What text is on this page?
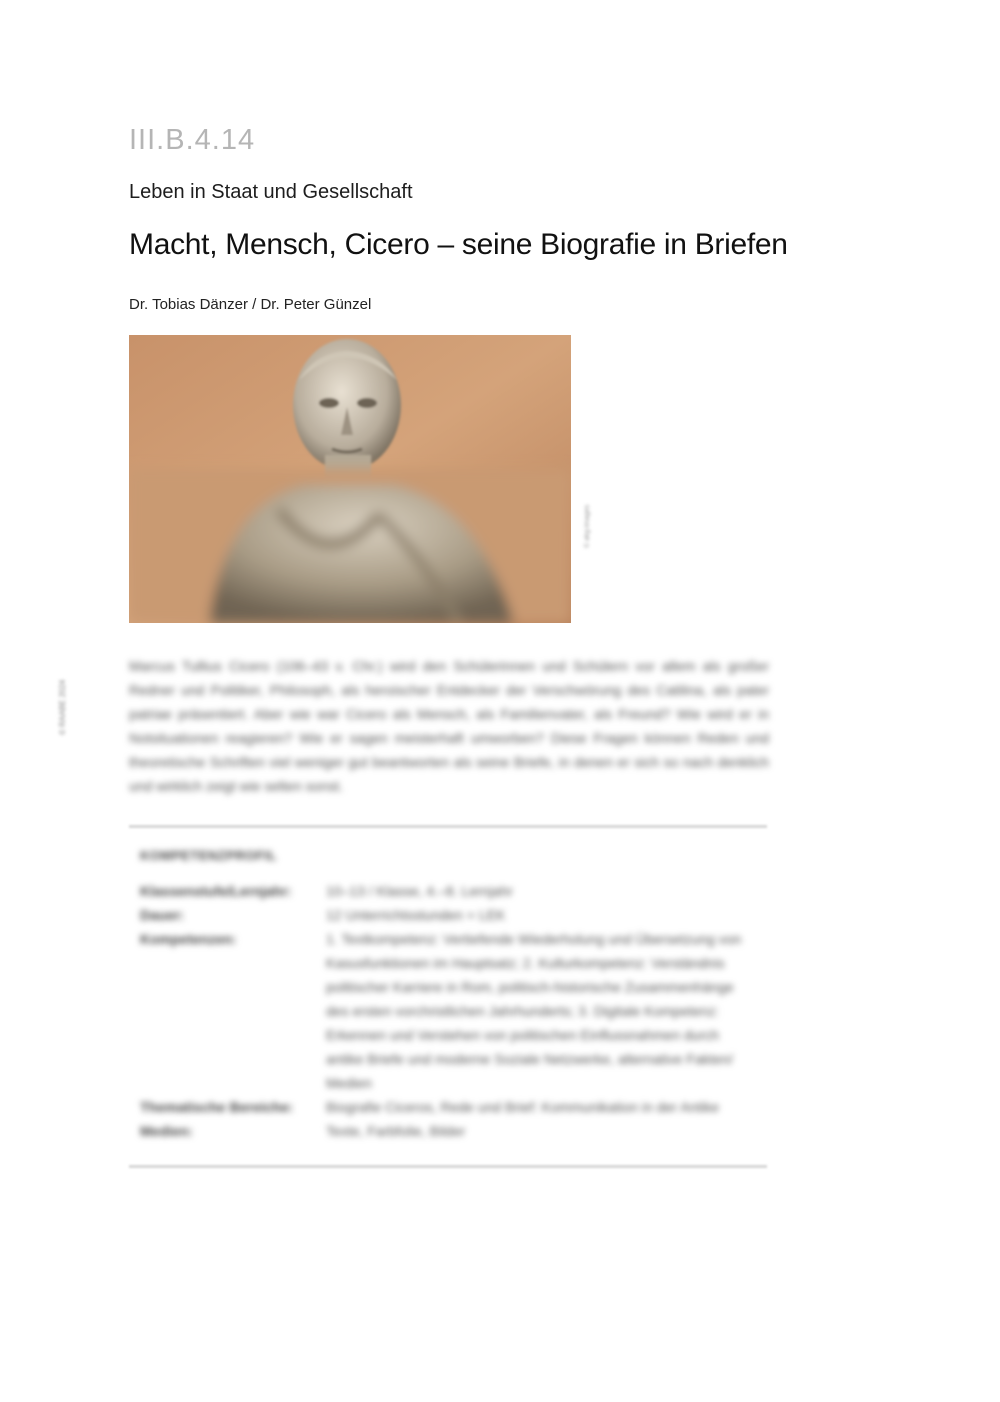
III.B.4.14
Leben in Staat und Gesellschaft
Macht, Mensch, Cicero – seine Biografie in Briefen
Dr. Tobias Dänzer / Dr. Peter Günzel
© akg-images
© RAABE 2024
Marcus Tullius Cicero (106–43 v. Chr.) wird den Schülerinnen und Schülern vor allem als großer Redner und Politiker, Philosoph, als heroischer Entdecker der Verschwörung des Catilina, als pater patriae präsentiert. Aber wie war Cicero als Mensch, als Familienvater, als Freund? Wie wird er in Notsituationen reagieren? Wie er sagen meisterhaft umworben? Diese Fragen können Reden und theoretische Schriften viel weniger gut beantworten als seine Briefe, in denen er sich so nach denklich und wirklich zeigt wie selten sonst.
KOMPETENZPROFIL
Klassenstufe/Lernjahr:	10–13 / Klasse, 4.–8. Lernjahr
Dauer:	12 Unterrichtsstunden + LEK
Kompetenzen:	1. Textkompetenz: Vertiefende Wiederholung und Übersetzung von Kasusfunktionen im Hauptsatz; 2. Kulturkompetenz: Verständnis politischer Karriere in Rom, politisch-historische Zusammenhänge des ersten vorchristlichen Jahrhunderts; 3. Digitale Kompetenz: Erkennen und Verstehen von politischen Einflussnahmen durch antike Briefe und moderne Soziale Netzwerke, alternative Fakten/ Medien
Thematische Bereiche:	Biografie Ciceros, Rede und Brief: Kommunikation in der Antike
Medien:	Texte, Farbfolie, Bilder
